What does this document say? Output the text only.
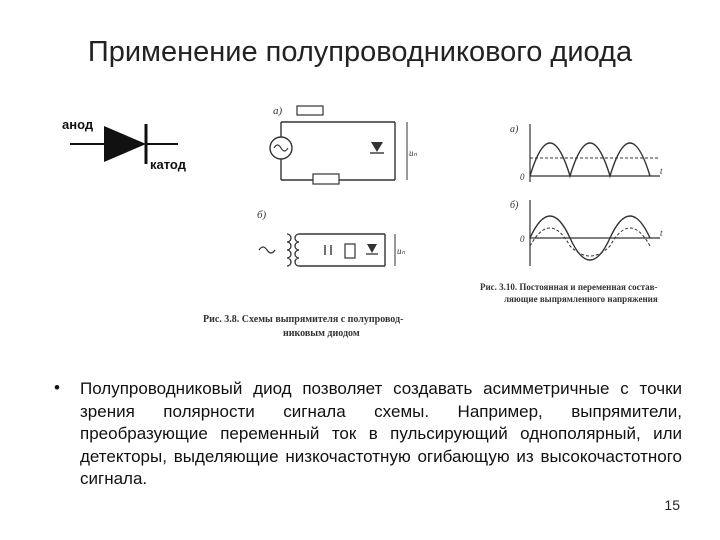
Применение полупроводникового диода
анод
катод
а)
uₙ
б)
uₙ
Рис. 3.8. Схемы выпрямителя с полупровод-
никовым диодом
а)
0
t
б)
0
t
Рис. 3.10. Постоянная и переменная состав-
ляющие выпрямленного напряжения
• Полупроводниковый диод позволяет создавать асимметричные с точки зрения полярности сигнала схемы. Например, выпрямители, преобразующие переменный ток в пульсирующий однополярный, или детекторы, выделяющие низкочастотную огибающую из высокочастотного сигнала.
15
